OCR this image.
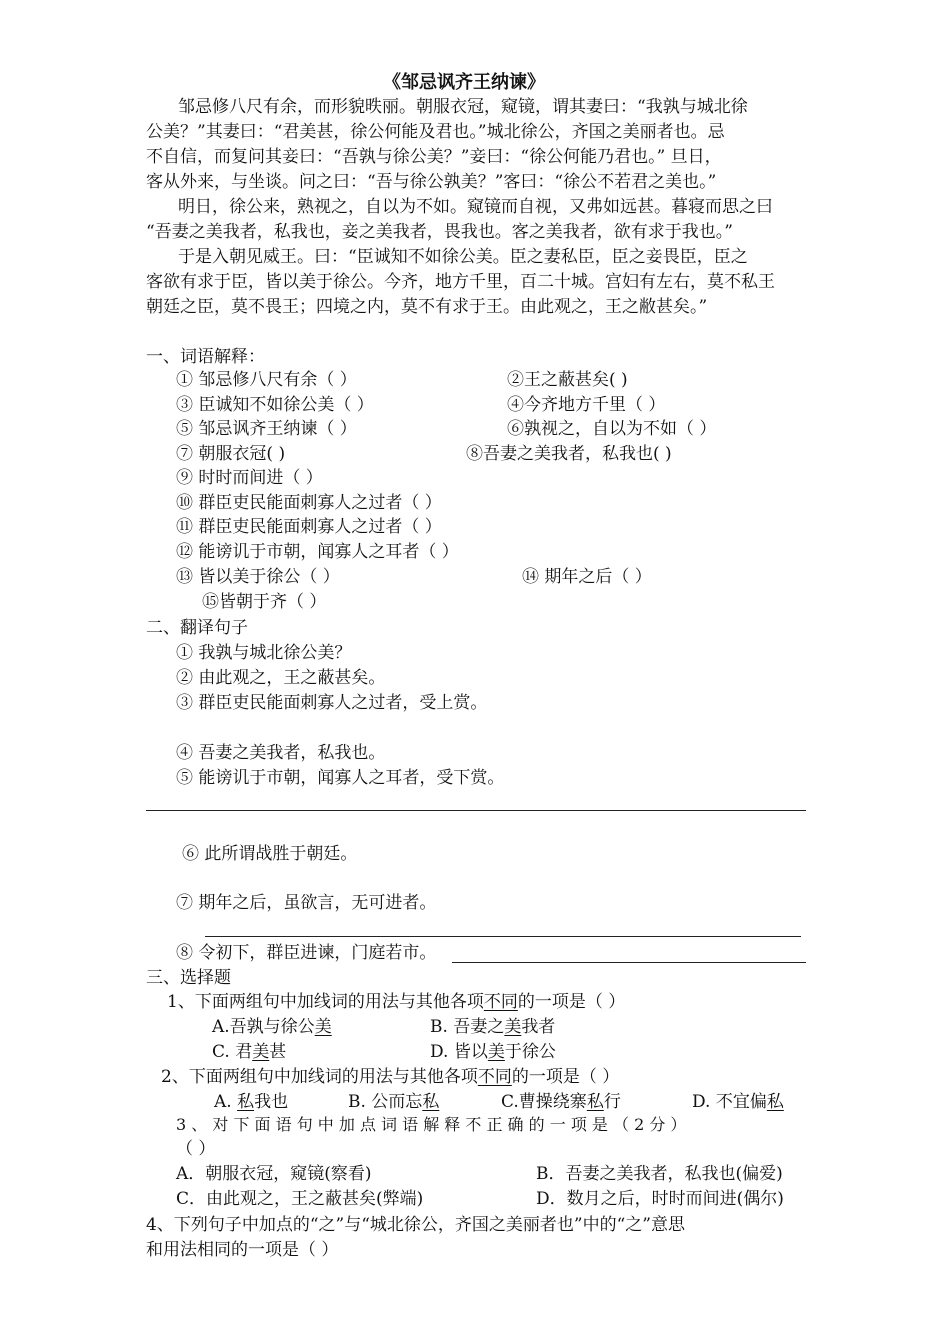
《邹忌讽齐王纳谏》
邹忌修八尺有余，而形貌昳丽。朝服衣冠，窥镜，谓其妻曰：“我孰与城北徐
公美？”其妻曰：“君美甚，徐公何能及君也。”城北徐公，齐国之美丽者也。忌
不自信，而复问其妾曰：“吾孰与徐公美？”妾曰：“徐公何能乃君也。” 旦日，
客从外来，与坐谈。问之曰：“吾与徐公孰美？”客曰：“徐公不若君之美也。”
明日，徐公来，熟视之，自以为不如。窥镜而自视，又弗如远甚。暮寝而思之曰
“吾妻之美我者，私我也，妾之美我者，畏我也。客之美我者，欲有求于我也。”
于是入朝见威王。曰：“臣诚知不如徐公美。臣之妻私臣，臣之妾畏臣，臣之
客欲有求于臣，皆以美于徐公。今齐，地方千里，百二十城。宫妇有左右，莫不私王
朝廷之臣，莫不畏王；四境之内，莫不有求于王。由此观之，王之敝甚矣。”
一、词语解释：
① 邹忌修八尺有余（ ）	②王之蔽甚矣( )
③ 臣诚知不如徐公美（ ）	④今齐地方千里（ ）
⑤ 邹忌讽齐王纳谏（ ）	⑥孰视之，自以为不如（ ）
⑦ 朝服衣冠( )	⑧吾妻之美我者，私我也( )
⑨ 时时而间进（ ）
⑩ 群臣吏民能面刺寡人之过者（ ）
⑪ 群臣吏民能面刺寡人之过者（ ）
⑫ 能谤讥于市朝，闻寡人之耳者（ ）
⑬ 皆以美于徐公（ ）	⑭ 期年之后（ ）
⑮皆朝于齐（ ）
二、翻译句子
① 我孰与城北徐公美？
② 由此观之，王之蔽甚矣。
③ 群臣吏民能面刺寡人之过者，受上赏。
④ 吾妻之美我者，私我也。
⑤ 能谤讥于市朝，闻寡人之耳者，受下赏。
⑥ 此所谓战胜于朝廷。
⑦ 期年之后，虽欲言，无可进者。
⑧ 令初下，群臣进谏，门庭若市。
三、选择题
1、下面两组句中加线词的用法与其他各项不同的一项是（ ）
A.吾孰与徐公美	B. 吾妻之美我者
C. 君美甚	D. 皆以美于徐公
2、下面两组句中加线词的用法与其他各项不同的一项是（ ）
A. 私我也	B. 公而忘私	C.曹操绕寨私行	D. 不宜偏私
3 、 对 下 面 语 句 中 加 点 词 语 解 释 不 正 确 的 一 项 是 （ 2 分 ）
（ ）
A．朝服衣冠，窥镜(察看)	B．吾妻之美我者，私我也(偏爱)
C．由此观之，王之蔽甚矣(弊端)	D．数月之后，时时而间进(偶尔)
4、下列句子中加点的“之”与“城北徐公，齐国之美丽者也”中的“之”意思
和用法相同的一项是（ ）
